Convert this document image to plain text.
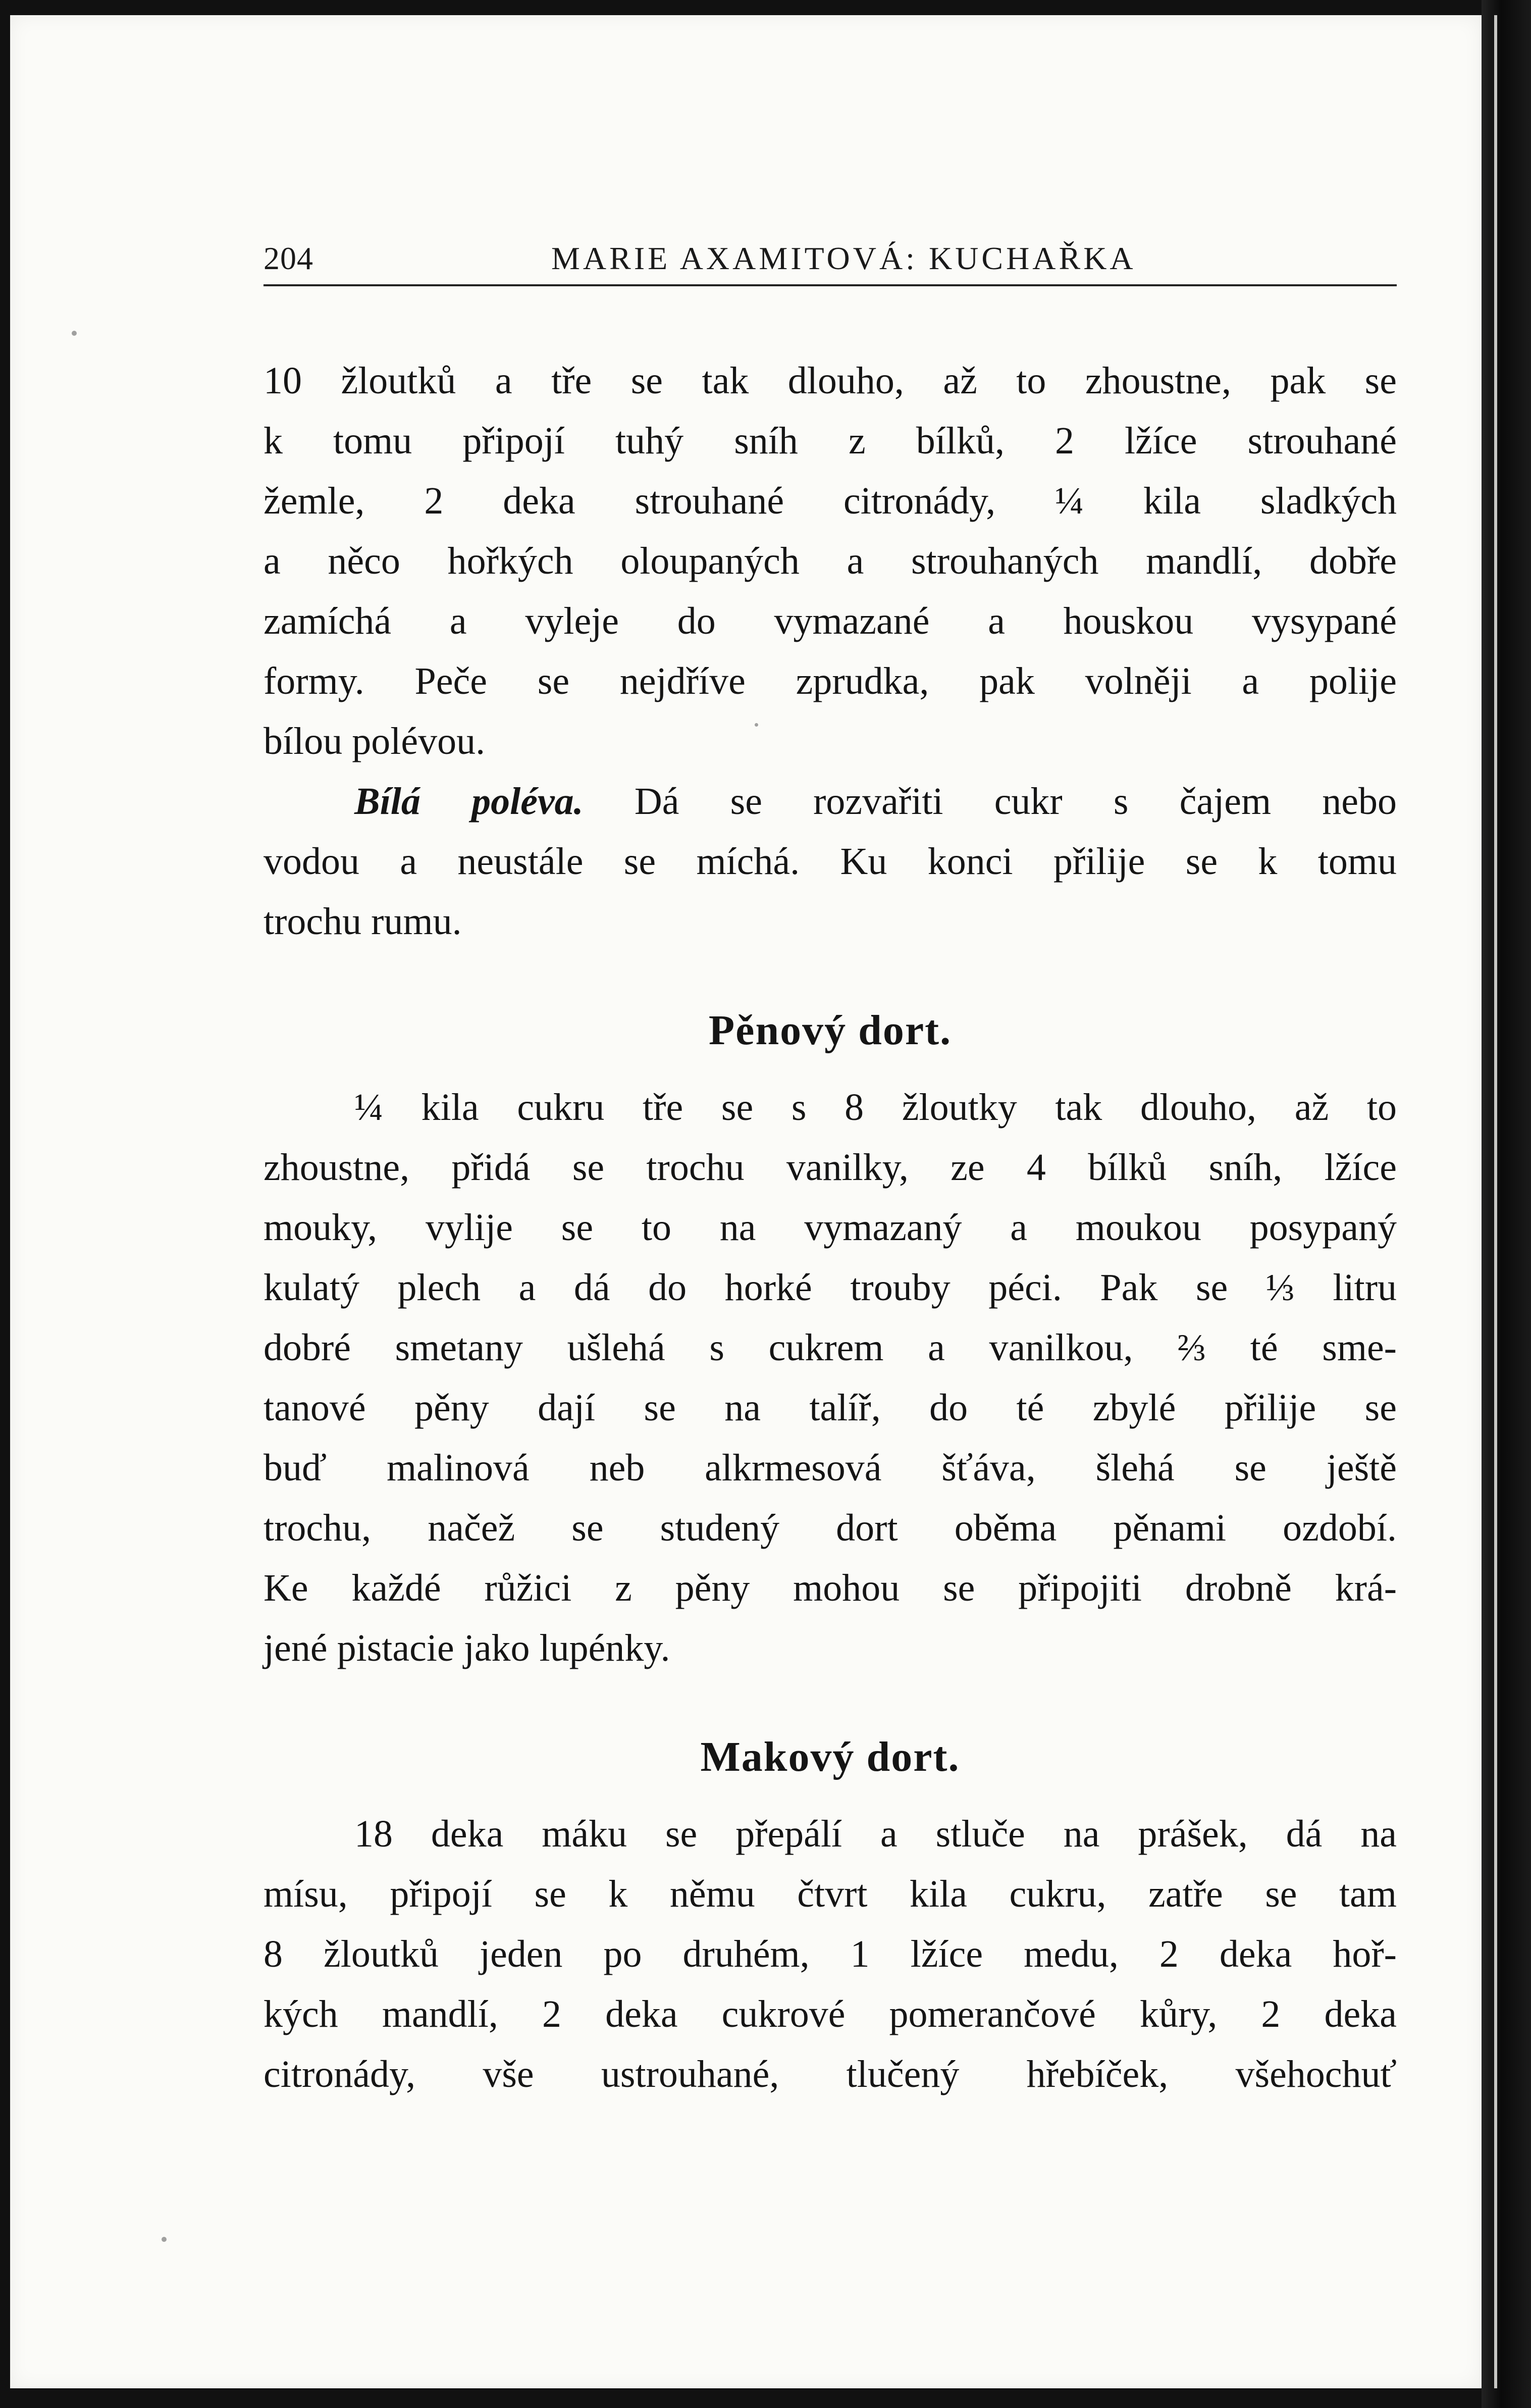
204	MARIE AXAMITOVÁ: KUCHAŘKA
10 žloutků a tře se tak dlouho, až to zhoustne, pak se
k tomu připojí tuhý sníh z bílků, 2 lžíce strouhané
žemle, 2 deka strouhané citronády, ¼ kila sladkých
a něco hořkých oloupaných a strouhaných mandlí, dobře
zamíchá a vyleje do vymazané a houskou vysypané
formy. Peče se nejdříve zprudka, pak volněji a polije
bílou polévou.
Bílá poléva. Dá se rozvařiti cukr s čajem nebo
vodou a neustále se míchá. Ku konci přilije se k tomu
trochu rumu.
Pěnový dort.
¼ kila cukru tře se s 8 žloutky tak dlouho, až to
zhoustne, přidá se trochu vanilky, ze 4 bílků sníh, lžíce
mouky, vylije se to na vymazaný a moukou posypaný
kulatý plech a dá do horké trouby péci. Pak se ⅓ litru
dobré smetany ušlehá s cukrem a vanilkou, ⅔ té sme-
tanové pěny dají se na talíř, do té zbylé přilije se
buď malinová neb alkrmesová šťáva, šlehá se ještě
trochu, načež se studený dort oběma pěnami ozdobí.
Ke každé růžici z pěny mohou se připojiti drobně krá-
jené pistacie jako lupénky.
Makový dort.
18 deka máku se přepálí a stluče na prášek, dá na
mísu, připojí se k němu čtvrt kila cukru, zatře se tam
8 žloutků jeden po druhém, 1 lžíce medu, 2 deka hoř-
kých mandlí, 2 deka cukrové pomerančové kůry, 2 deka
citronády, vše ustrouhané, tlučený hřebíček, všehochuť
